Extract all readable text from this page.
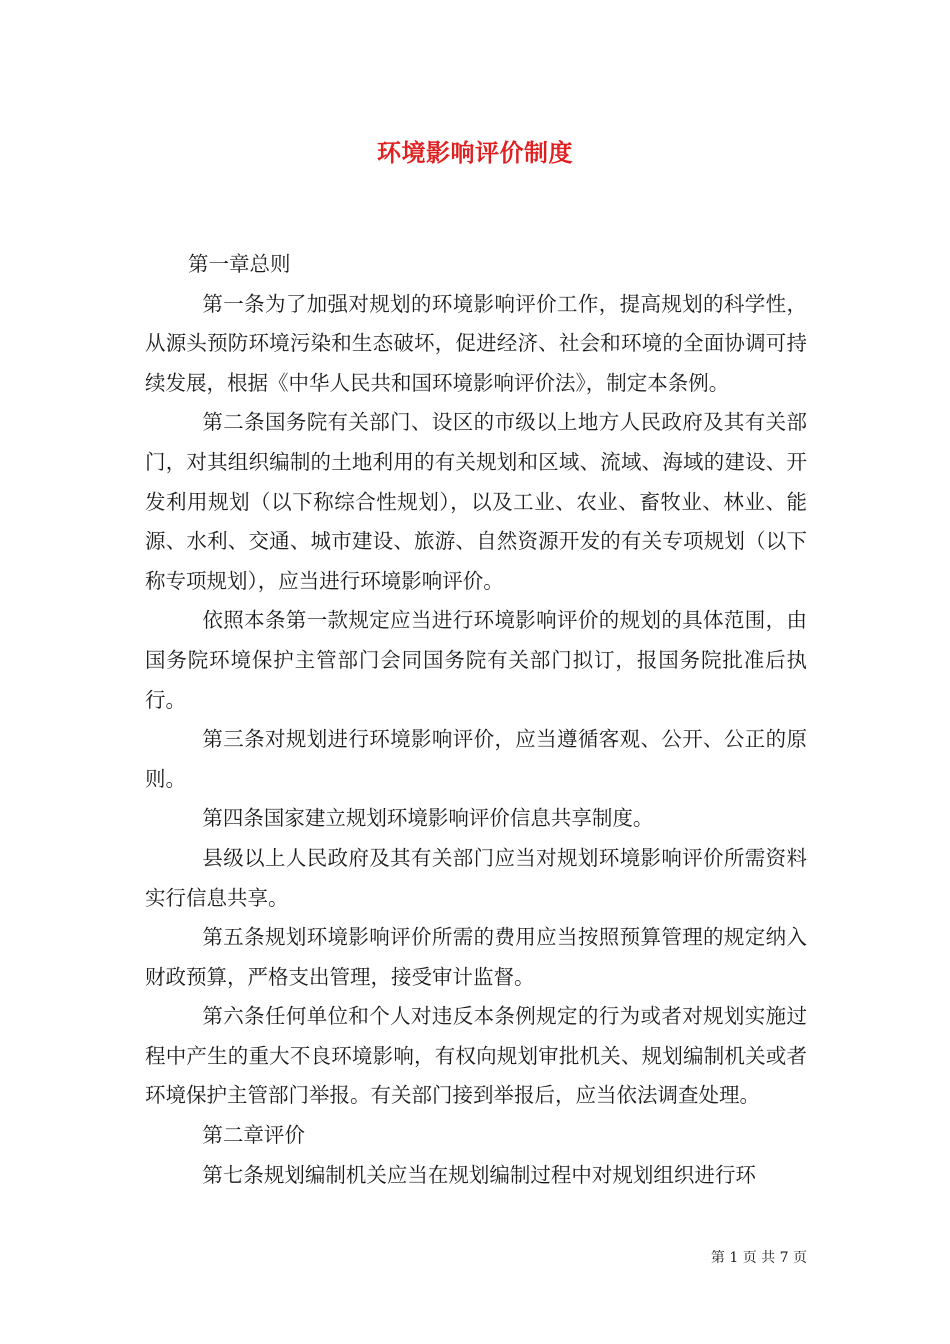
环境影响评价制度

第一章总则

第一条为了加强对规划的环境影响评价工作，提高规划的科学性，从源头预防环境污染和生态破坏，促进经济、社会和环境的全面协调可持续发展，根据《中华人民共和国环境影响评价法》，制定本条例。

第二条国务院有关部门、设区的市级以上地方人民政府及其有关部门，对其组织编制的土地利用的有关规划和区域、流域、海域的建设、开发利用规划（以下称综合性规划），以及工业、农业、畜牧业、林业、能源、水利、交通、城市建设、旅游、自然资源开发的有关专项规划（以下称专项规划），应当进行环境影响评价。

依照本条第一款规定应当进行环境影响评价的规划的具体范围，由国务院环境保护主管部门会同国务院有关部门拟订，报国务院批准后执行。

第三条对规划进行环境影响评价，应当遵循客观、公开、公正的原则。

第四条国家建立规划环境影响评价信息共享制度。

县级以上人民政府及其有关部门应当对规划环境影响评价所需资料实行信息共享。

第五条规划环境影响评价所需的费用应当按照预算管理的规定纳入财政预算，严格支出管理，接受审计监督。

第六条任何单位和个人对违反本条例规定的行为或者对规划实施过程中产生的重大不良环境影响，有权向规划审批机关、规划编制机关或者环境保护主管部门举报。有关部门接到举报后，应当依法调查处理。

第二章评价

第七条规划编制机关应当在规划编制过程中对规划组织进行环

第 1 页 共 7 页
